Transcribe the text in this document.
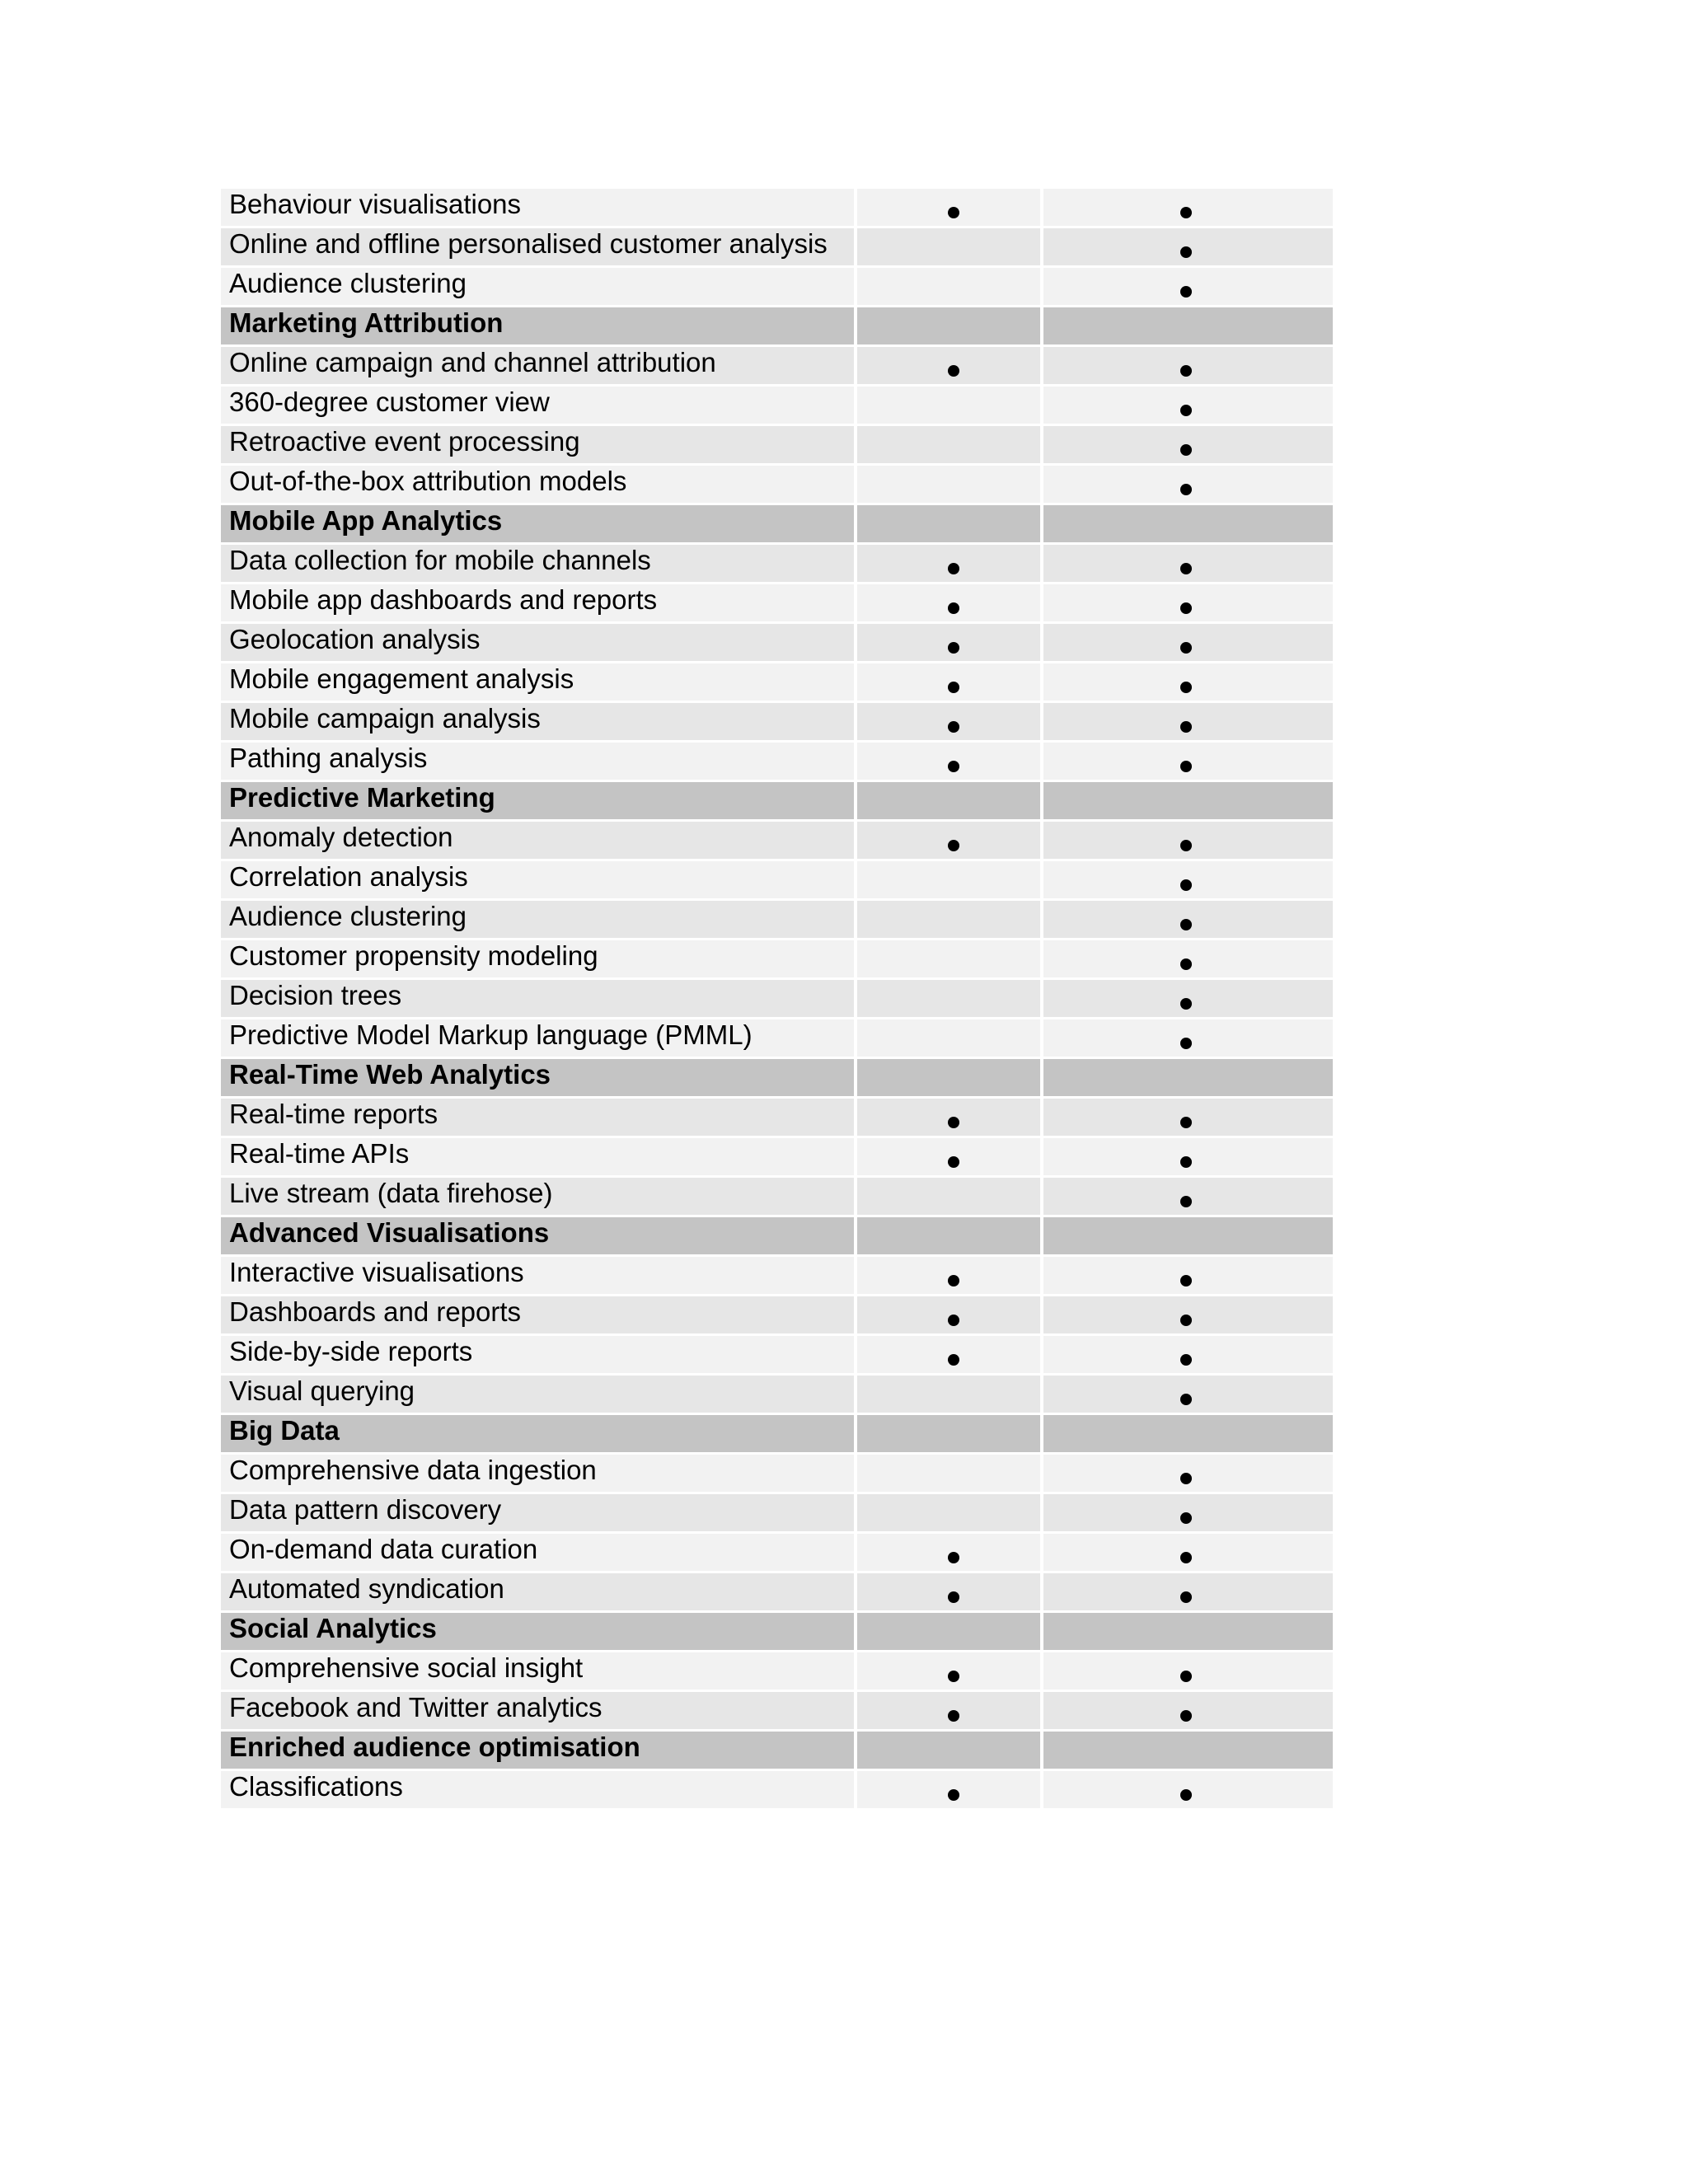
Behaviour visualisations
Online and offline personalised customer analysis
Audience clustering
Marketing Attribution
Online campaign and channel attribution
360-degree customer view
Retroactive event processing
Out-of-the-box attribution models
Mobile App Analytics
Data collection for mobile channels
Mobile app dashboards and reports
Geolocation analysis
Mobile engagement analysis
Mobile campaign analysis
Pathing analysis
Predictive Marketing
Anomaly detection
Correlation analysis
Audience clustering
Customer propensity modeling
Decision trees
Predictive Model Markup language (PMML)
Real-Time Web Analytics
Real-time reports
Real-time APIs
Live stream (data firehose)
Advanced Visualisations
Interactive visualisations
Dashboards and reports
Side-by-side reports
Visual querying
Big Data
Comprehensive data ingestion
Data pattern discovery
On-demand data curation
Automated syndication
Social Analytics
Comprehensive social insight
Facebook and Twitter analytics
Enriched audience optimisation
Classifications
